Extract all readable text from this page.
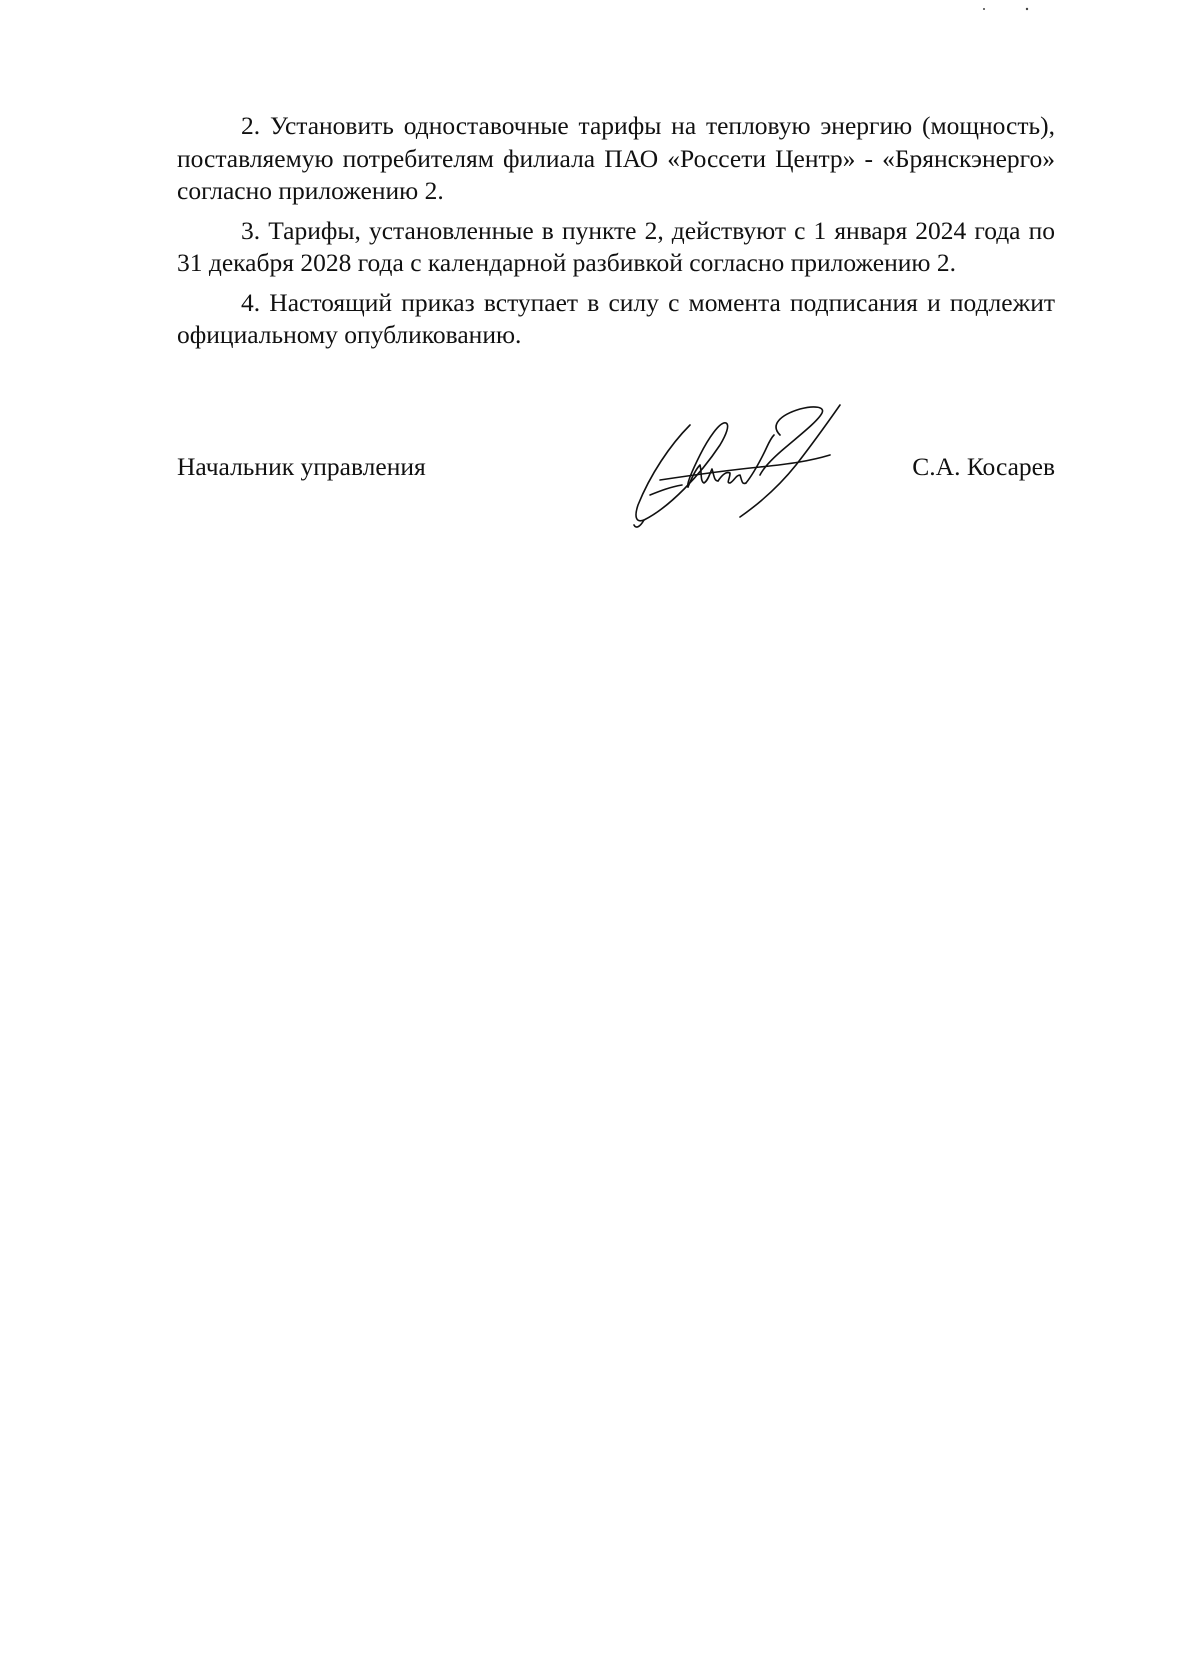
2. Установить одноставочные тарифы на тепловую энергию (мощность), поставляемую потребителям филиала ПАО «Россети Центр» - «Брянскэнерго» согласно приложению 2.

3. Тарифы, установленные в пункте 2, действуют с 1 января 2024 года по 31 декабря 2028 года с календарной разбивкой согласно приложению 2.

4. Настоящий приказ вступает в силу с момента подписания и подлежит официальному опубликованию.

Начальник управления	С.А. Косарев
